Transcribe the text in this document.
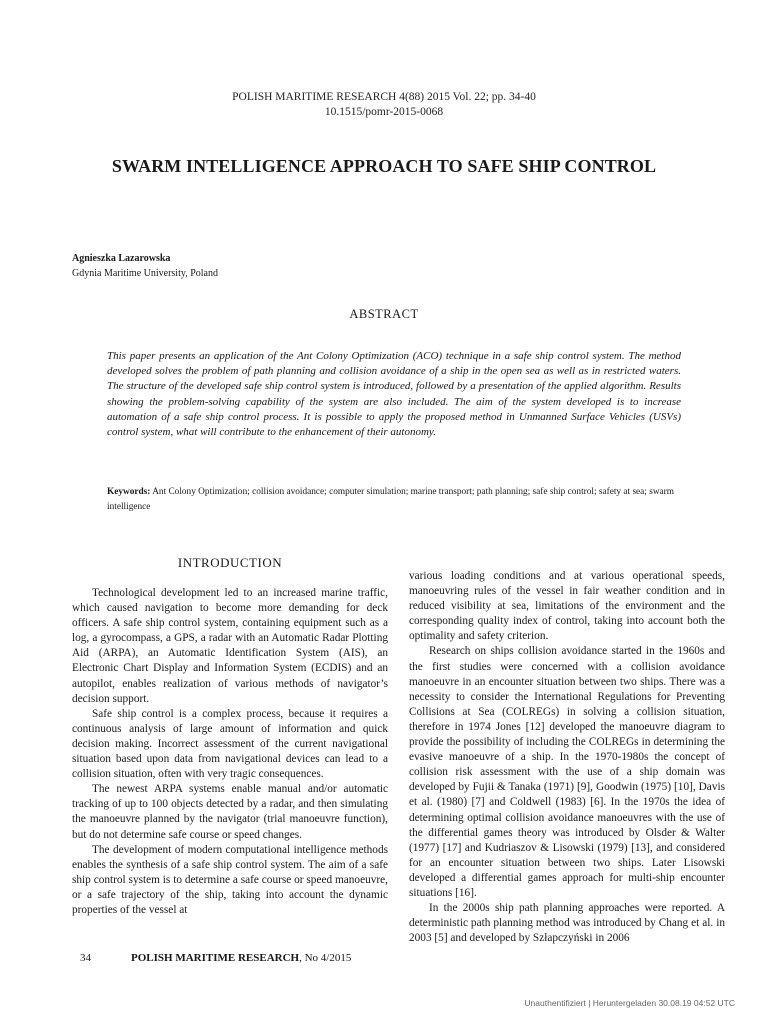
POLISH MARITIME RESEARCH 4(88) 2015 Vol. 22; pp. 34-40
10.1515/pomr-2015-0068
SWARM INTELLIGENCE APPROACH TO SAFE SHIP CONTROL
Agnieszka Lazarowska
Gdynia Maritime University, Poland
ABSTRACT
This paper presents an application of the Ant Colony Optimization (ACO) technique in a safe ship control system. The method developed solves the problem of path planning and collision avoidance of a ship in the open sea as well as in restricted waters. The structure of the developed safe ship control system is introduced, followed by a presentation of the applied algorithm. Results showing the problem-solving capability of the system are also included. The aim of the system developed is to increase automation of a safe ship control process. It is possible to apply the proposed method in Unmanned Surface Vehicles (USVs) control system, what will contribute to the enhancement of their autonomy.
Keywords: Ant Colony Optimization; collision avoidance; computer simulation; marine transport; path planning; safe ship control; safety at sea; swarm intelligence
INTRODUCTION

Technological development led to an increased marine traffic, which caused navigation to become more demanding for deck officers. A safe ship control system, containing equipment such as a log, a gyrocompass, a GPS, a radar with an Automatic Radar Plotting Aid (ARPA), an Automatic Identification System (AIS), an Electronic Chart Display and Information System (ECDIS) and an autopilot, enables realization of various methods of navigator’s decision support.

Safe ship control is a complex process, because it requires a continuous analysis of large amount of information and quick decision making. Incorrect assessment of the current navigational situation based upon data from navigational devices can lead to a collision situation, often with very tragic consequences.

The newest ARPA systems enable manual and/or automatic tracking of up to 100 objects detected by a radar, and then simulating the manoeuvre planned by the navigator (trial manoeuvre function), but do not determine safe course or speed changes.

The development of modern computational intelligence methods enables the synthesis of a safe ship control system. The aim of a safe ship control system is to determine a safe course or speed manoeuvre, or a safe trajectory of the ship, taking into account the dynamic properties of the vessel at

various loading conditions and at various operational speeds, manoeuvring rules of the vessel in fair weather condition and in reduced visibility at sea, limitations of the environment and the corresponding quality index of control, taking into account both the optimality and safety criterion.

Research on ships collision avoidance started in the 1960s and the first studies were concerned with a collision avoidance manoeuvre in an encounter situation between two ships. There was a necessity to consider the International Regulations for Preventing Collisions at Sea (COLREGs) in solving a collision situation, therefore in 1974 Jones [12] developed the manoeuvre diagram to provide the possibility of including the COLREGs in determining the evasive manoeuvre of a ship. In the 1970-1980s the concept of collision risk assessment with the use of a ship domain was developed by Fujii & Tanaka (1971) [9], Goodwin (1975) [10], Davis et al. (1980) [7] and Coldwell (1983) [6]. In the 1970s the idea of determining optimal collision avoidance manoeuvres with the use of the differential games theory was introduced by Olsder & Walter (1977) [17] and Kudriaszov & Lisowski (1979) [13], and considered for an encounter situation between two ships. Later Lisowski developed a differential games approach for multi-ship encounter situations [16].

In the 2000s ship path planning approaches were reported. A deterministic path planning method was introduced by Chang et al. in 2003 [5] and developed by Szłapczyński in 2006

34	POLISH MARITIME RESEARCH, No 4/2015
Unauthentifiziert | Heruntergeladen 30.08.19 04:52 UTC
